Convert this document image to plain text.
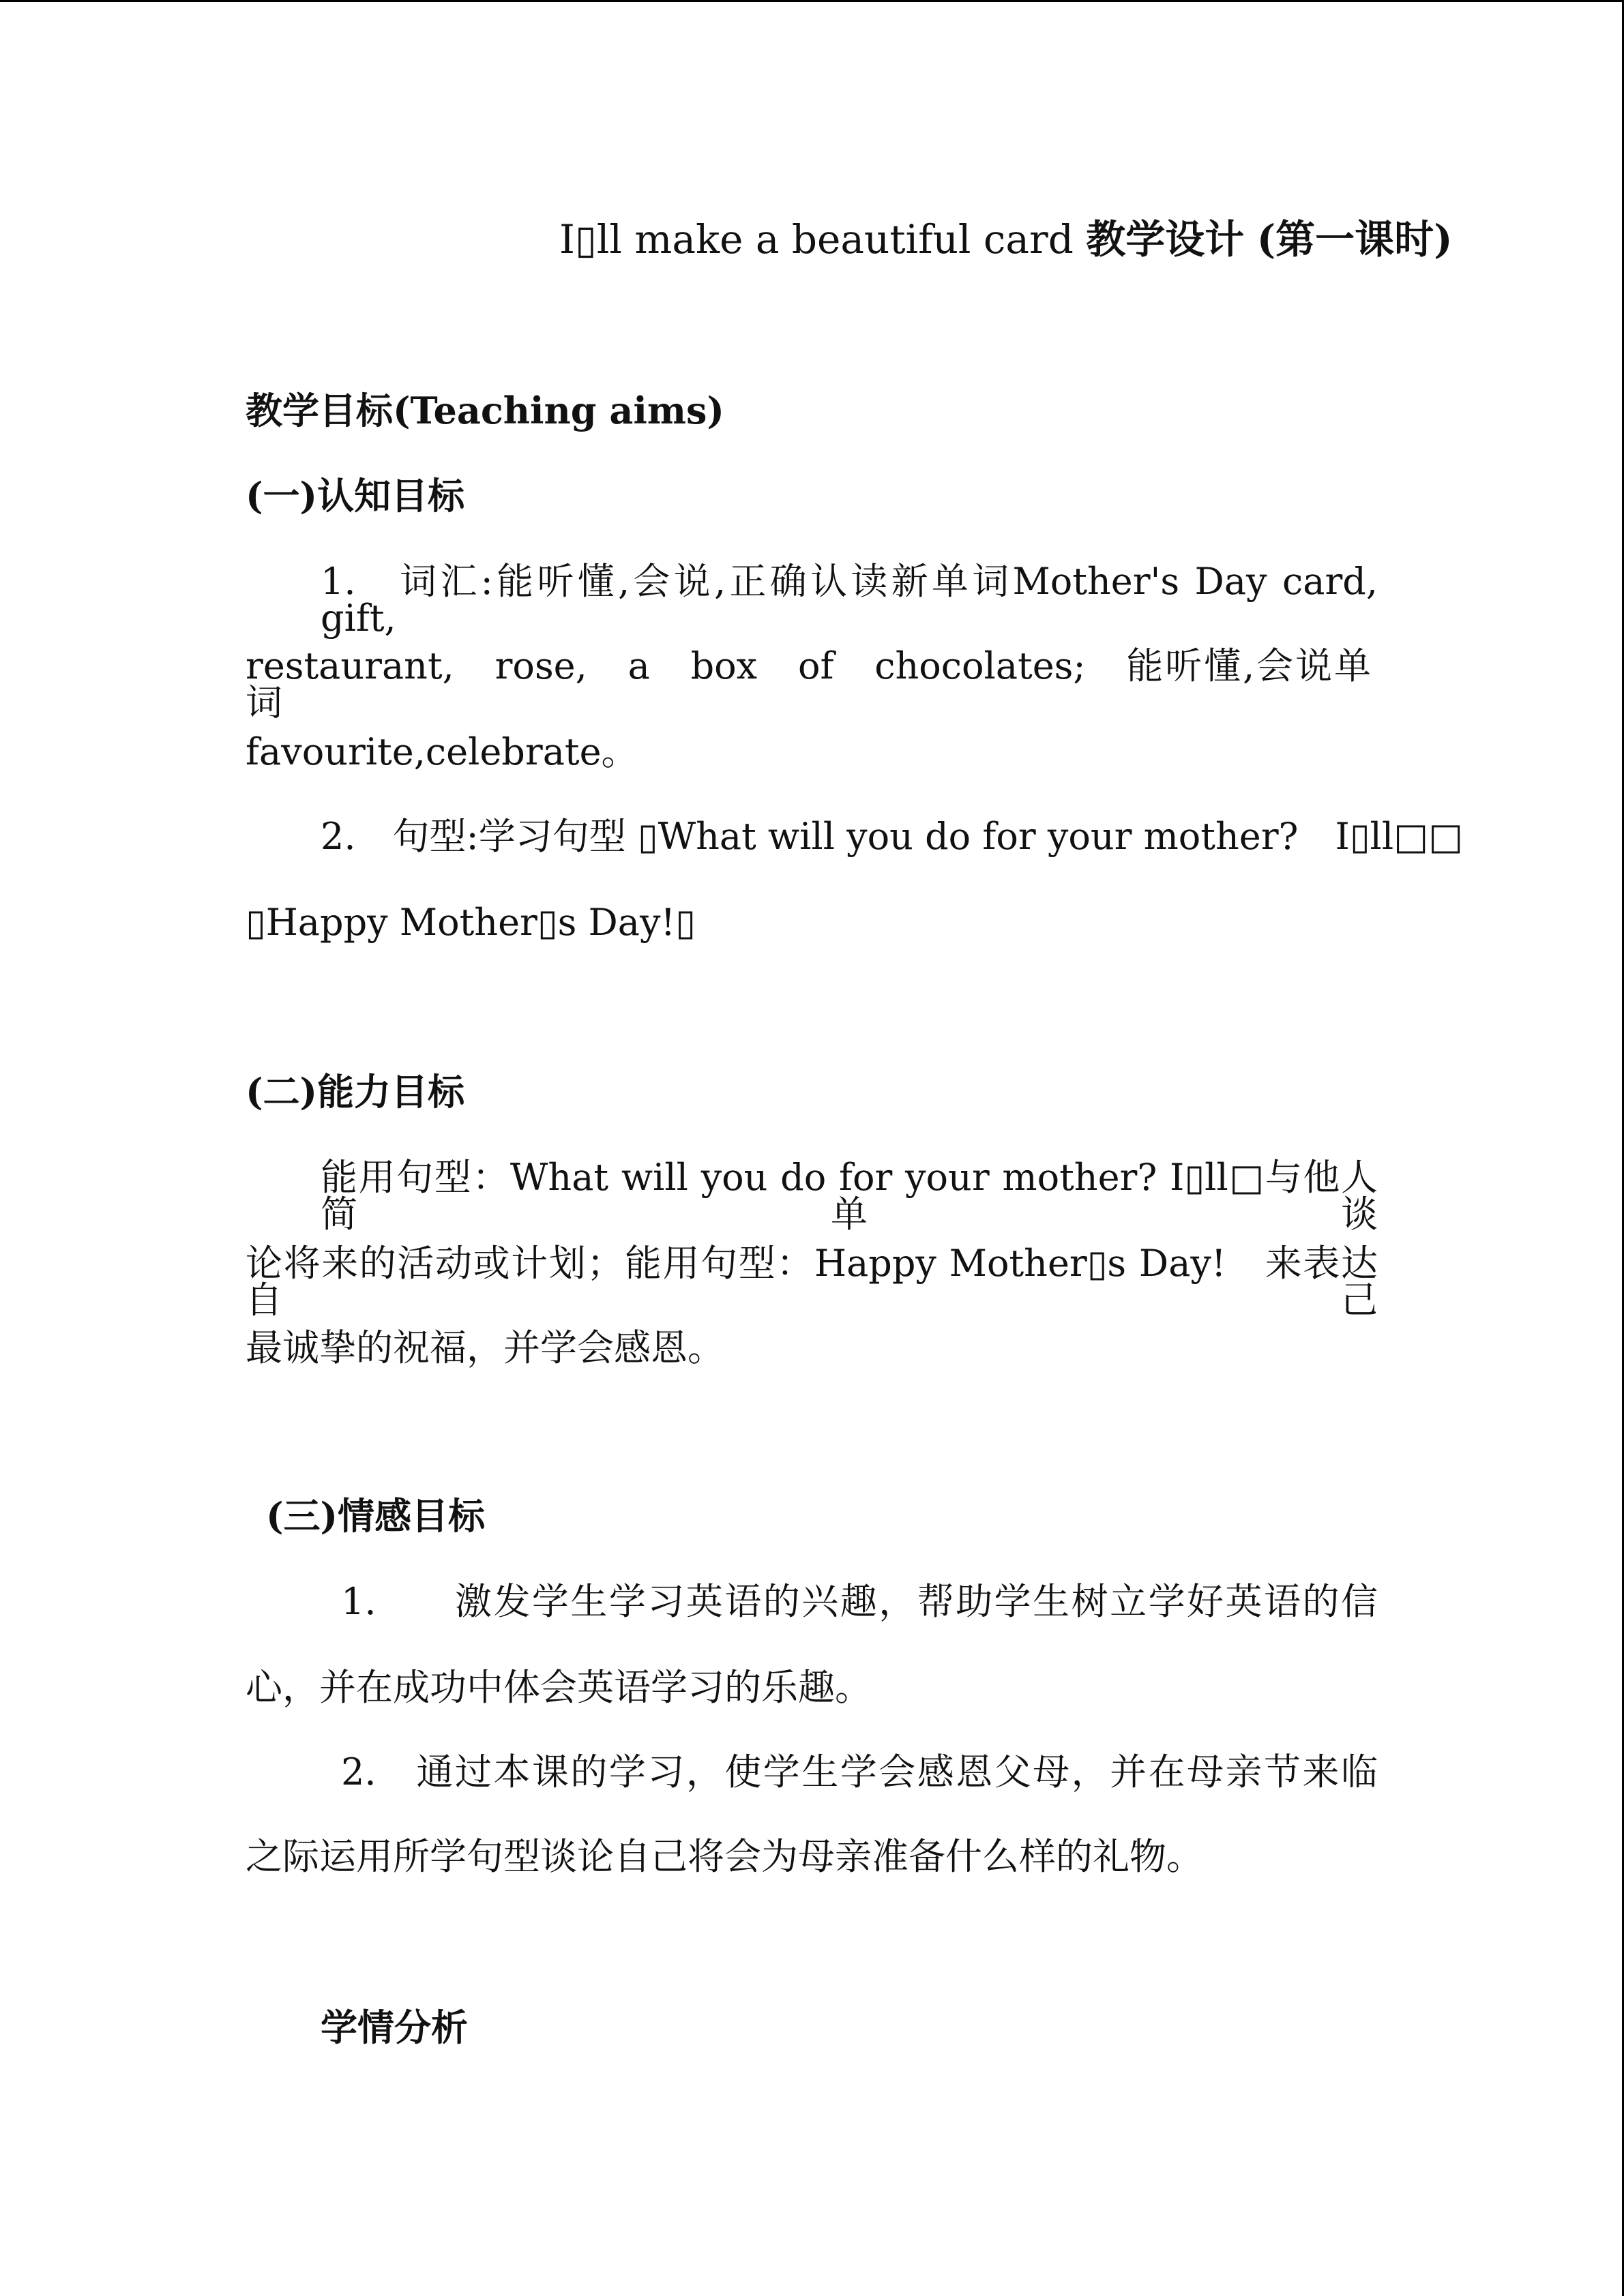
I▯ll make a beautiful card 教学设计 (第一课时)
教学目标(Teaching aims)
(一)认知目标
1.　词汇:能听懂,会说,正确认读新单词Mother's Day card, gift,
restaurant,　rose,　a　box　of　chocolates;　能听懂,会说单词
favourite,celebrate。
2.　句型:学习句型 ▯What will you do for your mother?　I▯ll□□
▯Happy Mother▯s Day!▯
(二)能力目标
能用句型：What will you do for your mother? I▯ll□与他人简单谈
论将来的活动或计划；能用句型：Happy Mother▯s Day!　来表达自己
最诚挚的祝福，并学会感恩。
(三)情感目标
1.　　激发学生学习英语的兴趣，帮助学生树立学好英语的信
心，并在成功中体会英语学习的乐趣。
2.　通过本课的学习，使学生学会感恩父母，并在母亲节来临
之际运用所学句型谈论自己将会为母亲准备什么样的礼物。
学情分析
